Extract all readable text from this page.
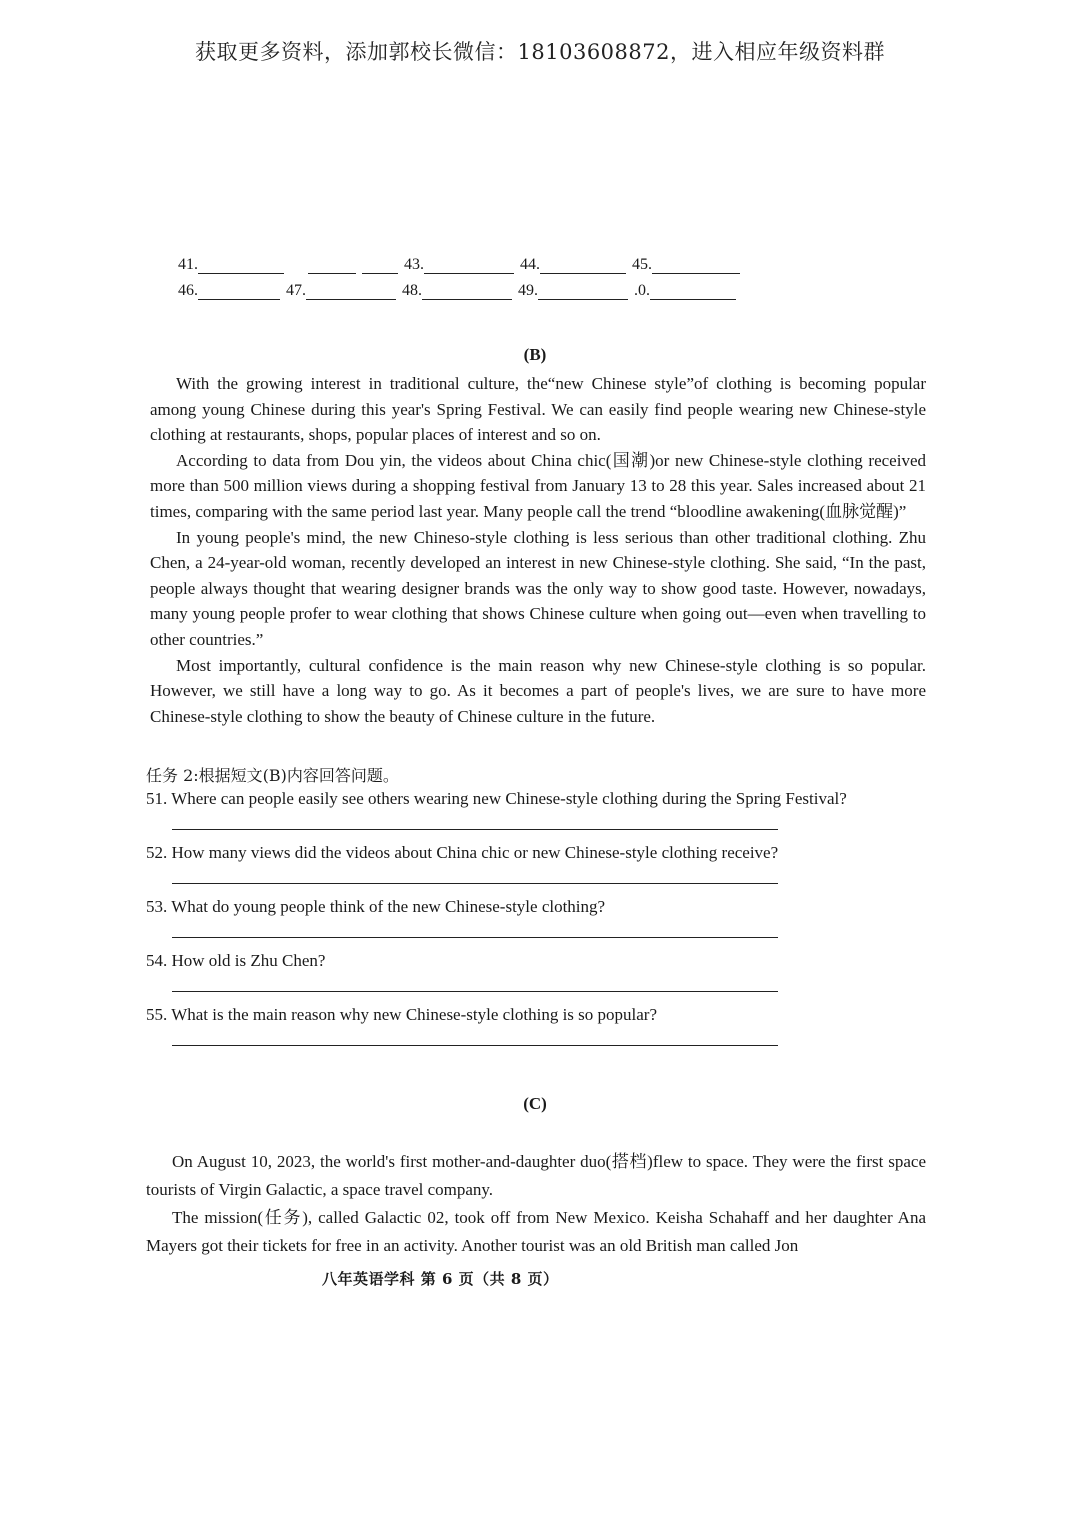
获取更多资料，添加郭校长微信：18103608872，进入相应年级资料群
41.	43.	44.	45.
46.	47.	48.	49.	.0.
(B)

With the growing interest in traditional culture, the“new Chinese style”of clothing is becoming popular among young Chinese during this year's Spring Festival. We can easily find people wearing new Chinese-style clothing at restaurants, shops, popular places of interest and so on.

According to data from Dou yin, the videos about China chic(国潮)or new Chinese-style clothing received more than 500 million views during a shopping festival from January 13 to 28 this year. Sales increased about 21 times, comparing with the same period last year. Many people call the trend “bloodline awakening(血脉觉醒)”

In young people's mind, the new Chineso-style clothing is less serious than other traditional clothing. Zhu Chen, a 24-year-old woman, recently developed an interest in new Chinese-style clothing. She said, “In the past, people always thought that wearing designer brands was the only way to show good taste. However, nowadays, many young people profer to wear clothing that shows Chinese culture when going out—even when travelling to other countries.”

Most importantly, cultural confidence is the main reason why new Chinese-style clothing is so popular. However, we still have a long way to go. As it becomes a part of people's lives, we are sure to have more Chinese-style clothing to show the beauty of Chinese culture in the future.

任务 2:根据短文(B)内容回答问题。
51. Where can people easily see others wearing new Chinese-style clothing during the Spring Festival?
52. How many views did the videos about China chic or new Chinese-style clothing receive?
53. What do young people think of the new Chinese-style clothing?
54. How old is Zhu Chen?
55. What is the main reason why new Chinese-style clothing is so popular?
(C)

On August 10, 2023, the world's first mother-and-daughter duo(搭档)flew to space. They were the first space tourists of Virgin Galactic, a space travel company.

The mission(任务), called Galactic 02, took off from New Mexico. Keisha Schahaff and her daughter Ana Mayers got their tickets for free in an activity. Another tourist was an old British man called Jon

八年英语学科 第 6 页（共 8 页）
